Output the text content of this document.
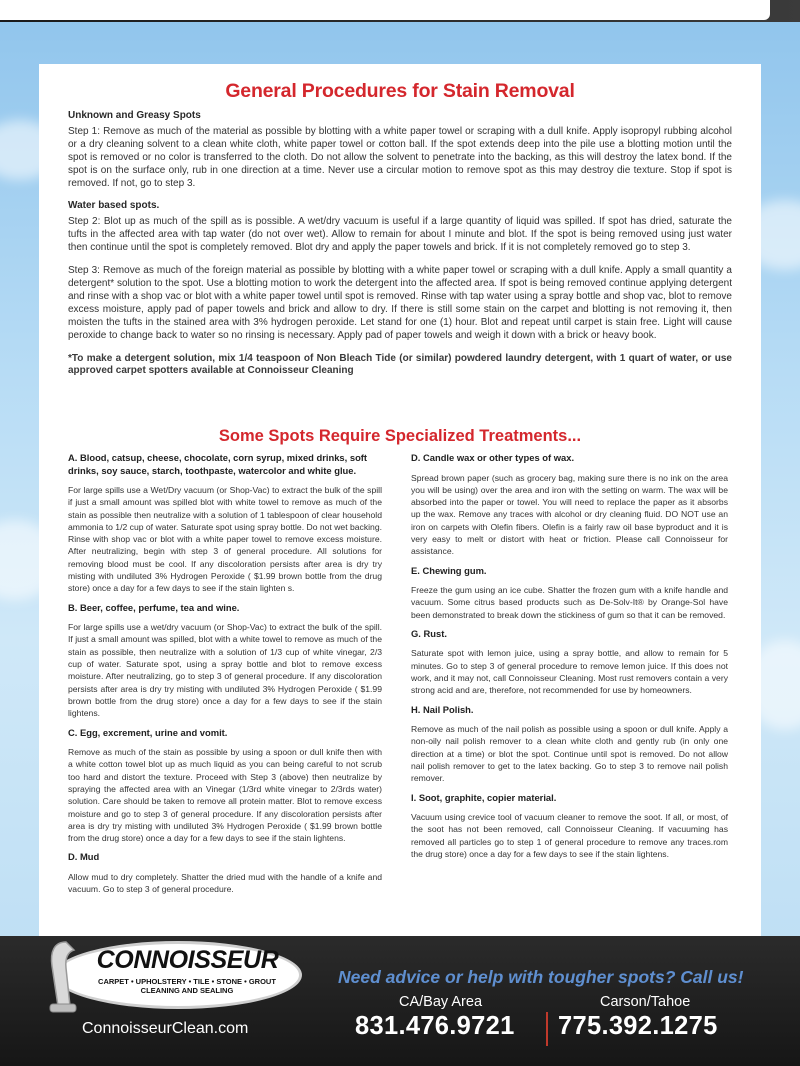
General Procedures for Stain Removal
Unknown and Greasy Spots

Step 1: Remove as much of the material as possible by blotting with a white paper towel or scraping with a dull knife. Apply isopropyl rubbing alcohol or a dry cleaning solvent to a clean white cloth, white paper towel or cotton ball. If the spot extends deep into the pile use a blotting motion until the spot is removed or no color is transferred to the cloth. Do not allow the solvent to penetrate into the backing, as this will destroy the latex bond. If the spot is on the surface only, rub in one direction at a time. Never use a circular motion to remove spot as this may destroy die texture. Stop if spot is removed. If not, go to step 3.

Water based spots.

Step 2: Blot up as much of the spill as is possible. A wet/dry vacuum is useful if a large quantity of liquid was spilled. If spot has dried, saturate the tufts in the affected area with tap water (do not over wet). Allow to remain for about I minute and blot. If the spot is being removed using just water then continue until the spot is completely removed. Blot dry and apply the paper towels and brick. If it is not completely removed go to step 3.

Step 3: Remove as much of the foreign material as possible by blotting with a white paper towel or scraping with a dull knife. Apply a small quantity a detergent* solution to the spot. Use a blotting motion to work the detergent into the affected area. If spot is being removed continue applying detergent and rinse with a shop vac or blot with a white paper towel until spot is removed. Rinse with tap water using a spray bottle and shop vac, blot to remove excess moisture, apply pad of paper towels and brick and allow to dry. If there is still some stain on the carpet and blotting is not removing it, then moisten the tufts in the stained area with 3% hydrogen peroxide. Let stand for one (1) hour. Blot and repeat until carpet is stain free. Light will cause peroxide to change back to water so no rinsing is necessary. Apply pad of paper towels and weigh it down with a brick or heavy book.

*To make a detergent solution, mix 1/4 teaspoon of Non Bleach Tide (or similar) powdered laundry detergent, with 1 quart of water, or use approved carpet spotters available at Connoisseur Cleaning

Some Spots Require Specialized Treatments...
A. Blood, catsup, cheese, chocolate, corn syrup, mixed drinks, soft drinks, soy sauce, starch, toothpaste, watercolor and white glue.

For large spills use a Wet/Dry vacuum (or Shop-Vac) to extract the bulk of the spill if just a small amount was spilled blot with white towel to remove as much of the stain as possible then neutralize with a solution of 1 tablespoon of clear household ammonia to 1/2 cup of water. Saturate spot using spray bottle. Do not wet backing. Rinse with shop vac or blot with a white paper towel to remove excess moisture. After neutralizing, begin with step 3 of general procedure. All solutions for removing blood must be cool. If any discoloration persists after area is dry try misting with undiluted 3% Hydrogen Peroxide ( $1.99 brown bottle from the drug store) once a day for a few days to see if the stain lighten s.

B. Beer, coffee, perfume, tea and wine.

For large spills use a wet/dry vacuum (or Shop-Vac) to extract the bulk of the spill. If just a small amount was spilled, blot with a white towel to remove as much of the stain as possible, then neutralize with a solution of 1/3 cup of white vinegar, 2/3 cup of water. Saturate spot, using a spray bottle and blot to remove excess moisture. After neutralizing, go to step 3 of general procedure. If any discoloration persists after area is dry try misting with undiluted 3% Hydrogen Peroxide ( $1.99 brown bottle from the drug store) once a day for a few days to see if the stain lightens.

C. Egg, excrement, urine and vomit.

Remove as much of the stain as possible by using a spoon or dull knife then with a white cotton towel blot up as much liquid as you can being careful to not scrub too hard and distort the texture. Proceed with Step 3 (above) then neutralize by spraying the affected area with an Vinegar (1/3rd white vinegar to 2/3rds water) solution. Care should be taken to remove all protein matter. Blot to remove excess moisture and go to step 3 of general procedure. If any discoloration persists after area is dry try misting with undiluted 3% Hydrogen Peroxide ( $1.99 brown bottle from the drug store) once a day for a few days to see if the stain lightens.

D. Mud

Allow mud to dry completely. Shatter the dried mud with the handle of a knife and vacuum. Go to step 3 of general procedure.

D. Candle wax or other types of wax.

Spread brown paper (such as grocery bag, making sure there is no ink on the area you will be using) over the area and iron with the setting on warm. The wax will be absorbed into the paper or towel. You will need to replace the paper as it absorbs up the wax. Remove any traces with alcohol or dry cleaning fluid. DO NOT use an iron on carpets with Olefin fibers. Olefin is a fairly raw oil base byproduct and it is very easy to melt or distort with heat or friction. Please call Connoisseur for assistance.

E. Chewing gum.

Freeze the gum using an ice cube. Shatter the frozen gum with a knife handle and vacuum. Some citrus based products such as De-Solv-It® by Orange-Sol have been demonstrated to break down the stickiness of gum so that it can be removed.

G. Rust.

Saturate spot with lemon juice, using a spray bottle, and allow to remain for 5 minutes. Go to step 3 of general procedure to remove lemon juice. If this does not work, and it may not, call Connoisseur Cleaning. Most rust removers contain a very strong acid and are, therefore, not recommended for use by homeowners.

H. Nail Polish.

Remove as much of the nail polish as possible using a spoon or dull knife. Apply a non-oily nail polish remover to a clean white cloth and gently rub (in only one direction at a time) or blot the spot. Continue until spot is removed. Do not allow nail polish remover to get to the latex backing. Go to step 3 to remove nail polish remover.

I. Soot, graphite, copier material.

Vacuum using crevice tool of vacuum cleaner to remove the soot. If all, or most, of the soot has not been removed, call Connoisseur Cleaning. If vacuuming has removed all particles go to step 1 of general procedure to remove any traces.rom the drug store) once a day for a few days to see if the stain lightens.

CONNOISSEUR
CARPET • UPHOLSTERY • TILE • STONE • GROUT
CLEANING AND SEALING
ConnoisseurClean.com
Need advice or help with tougher spots? Call us!
CA/Bay Area	Carson/Tahoe
831.476.9721 775.392.1275
